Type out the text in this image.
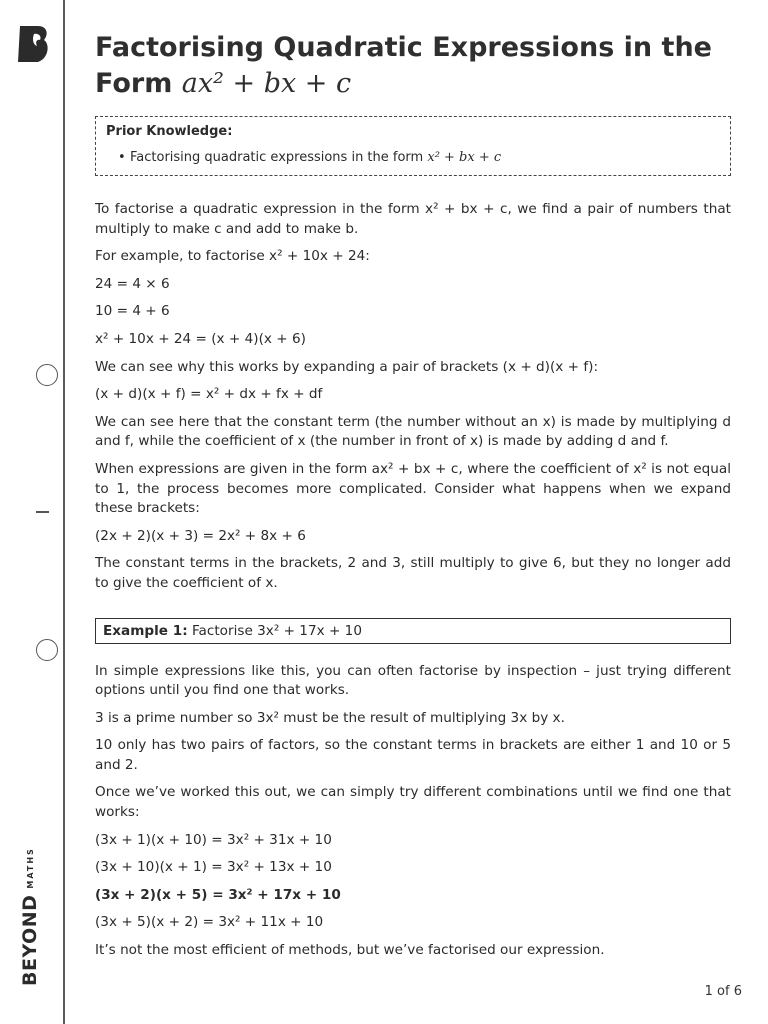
BEYOND
MATHS
Factorising Quadratic Expressions in the
Form ax² + bx + c
Prior Knowledge:
• Factorising quadratic expressions in the form x² + bx + c

To factorise a quadratic expression in the form x² + bx + c, we find a pair of numbers that multiply to make c and add to make b.

For example, to factorise x² + 10x + 24:

24 = 4 × 6

10 = 4 + 6

x² + 10x + 24 = (x + 4)(x + 6)

We can see why this works by expanding a pair of brackets (x + d)(x + f):

(x + d)(x + f) = x² + dx + fx + df

We can see here that the constant term (the number without an x) is made by multiplying d and f, while the coefficient of x (the number in front of x) is made by adding d and f.

When expressions are given in the form ax² + bx + c, where the coefficient of x² is not equal to 1, the process becomes more complicated. Consider what happens when we expand these brackets:

(2x + 2)(x + 3) = 2x² + 8x + 6

The constant terms in the brackets, 2 and 3, still multiply to give 6, but they no longer add to give the coefficient of x.

Example 1: Factorise 3x² + 17x + 10

In simple expressions like this, you can often factorise by inspection – just trying different options until you find one that works.

3 is a prime number so 3x² must be the result of multiplying 3x by x.

10 only has two pairs of factors, so the constant terms in brackets are either 1 and 10 or 5 and 2.

Once we’ve worked this out, we can simply try different combinations until we find one that works:

(3x + 1)(x + 10) = 3x² + 31x + 10

(3x + 10)(x + 1) = 3x² + 13x + 10

(3x + 2)(x + 5) = 3x² + 17x + 10

(3x + 5)(x + 2) = 3x² + 11x + 10

It’s not the most efficient of methods, but we’ve factorised our expression.

1 of 6
